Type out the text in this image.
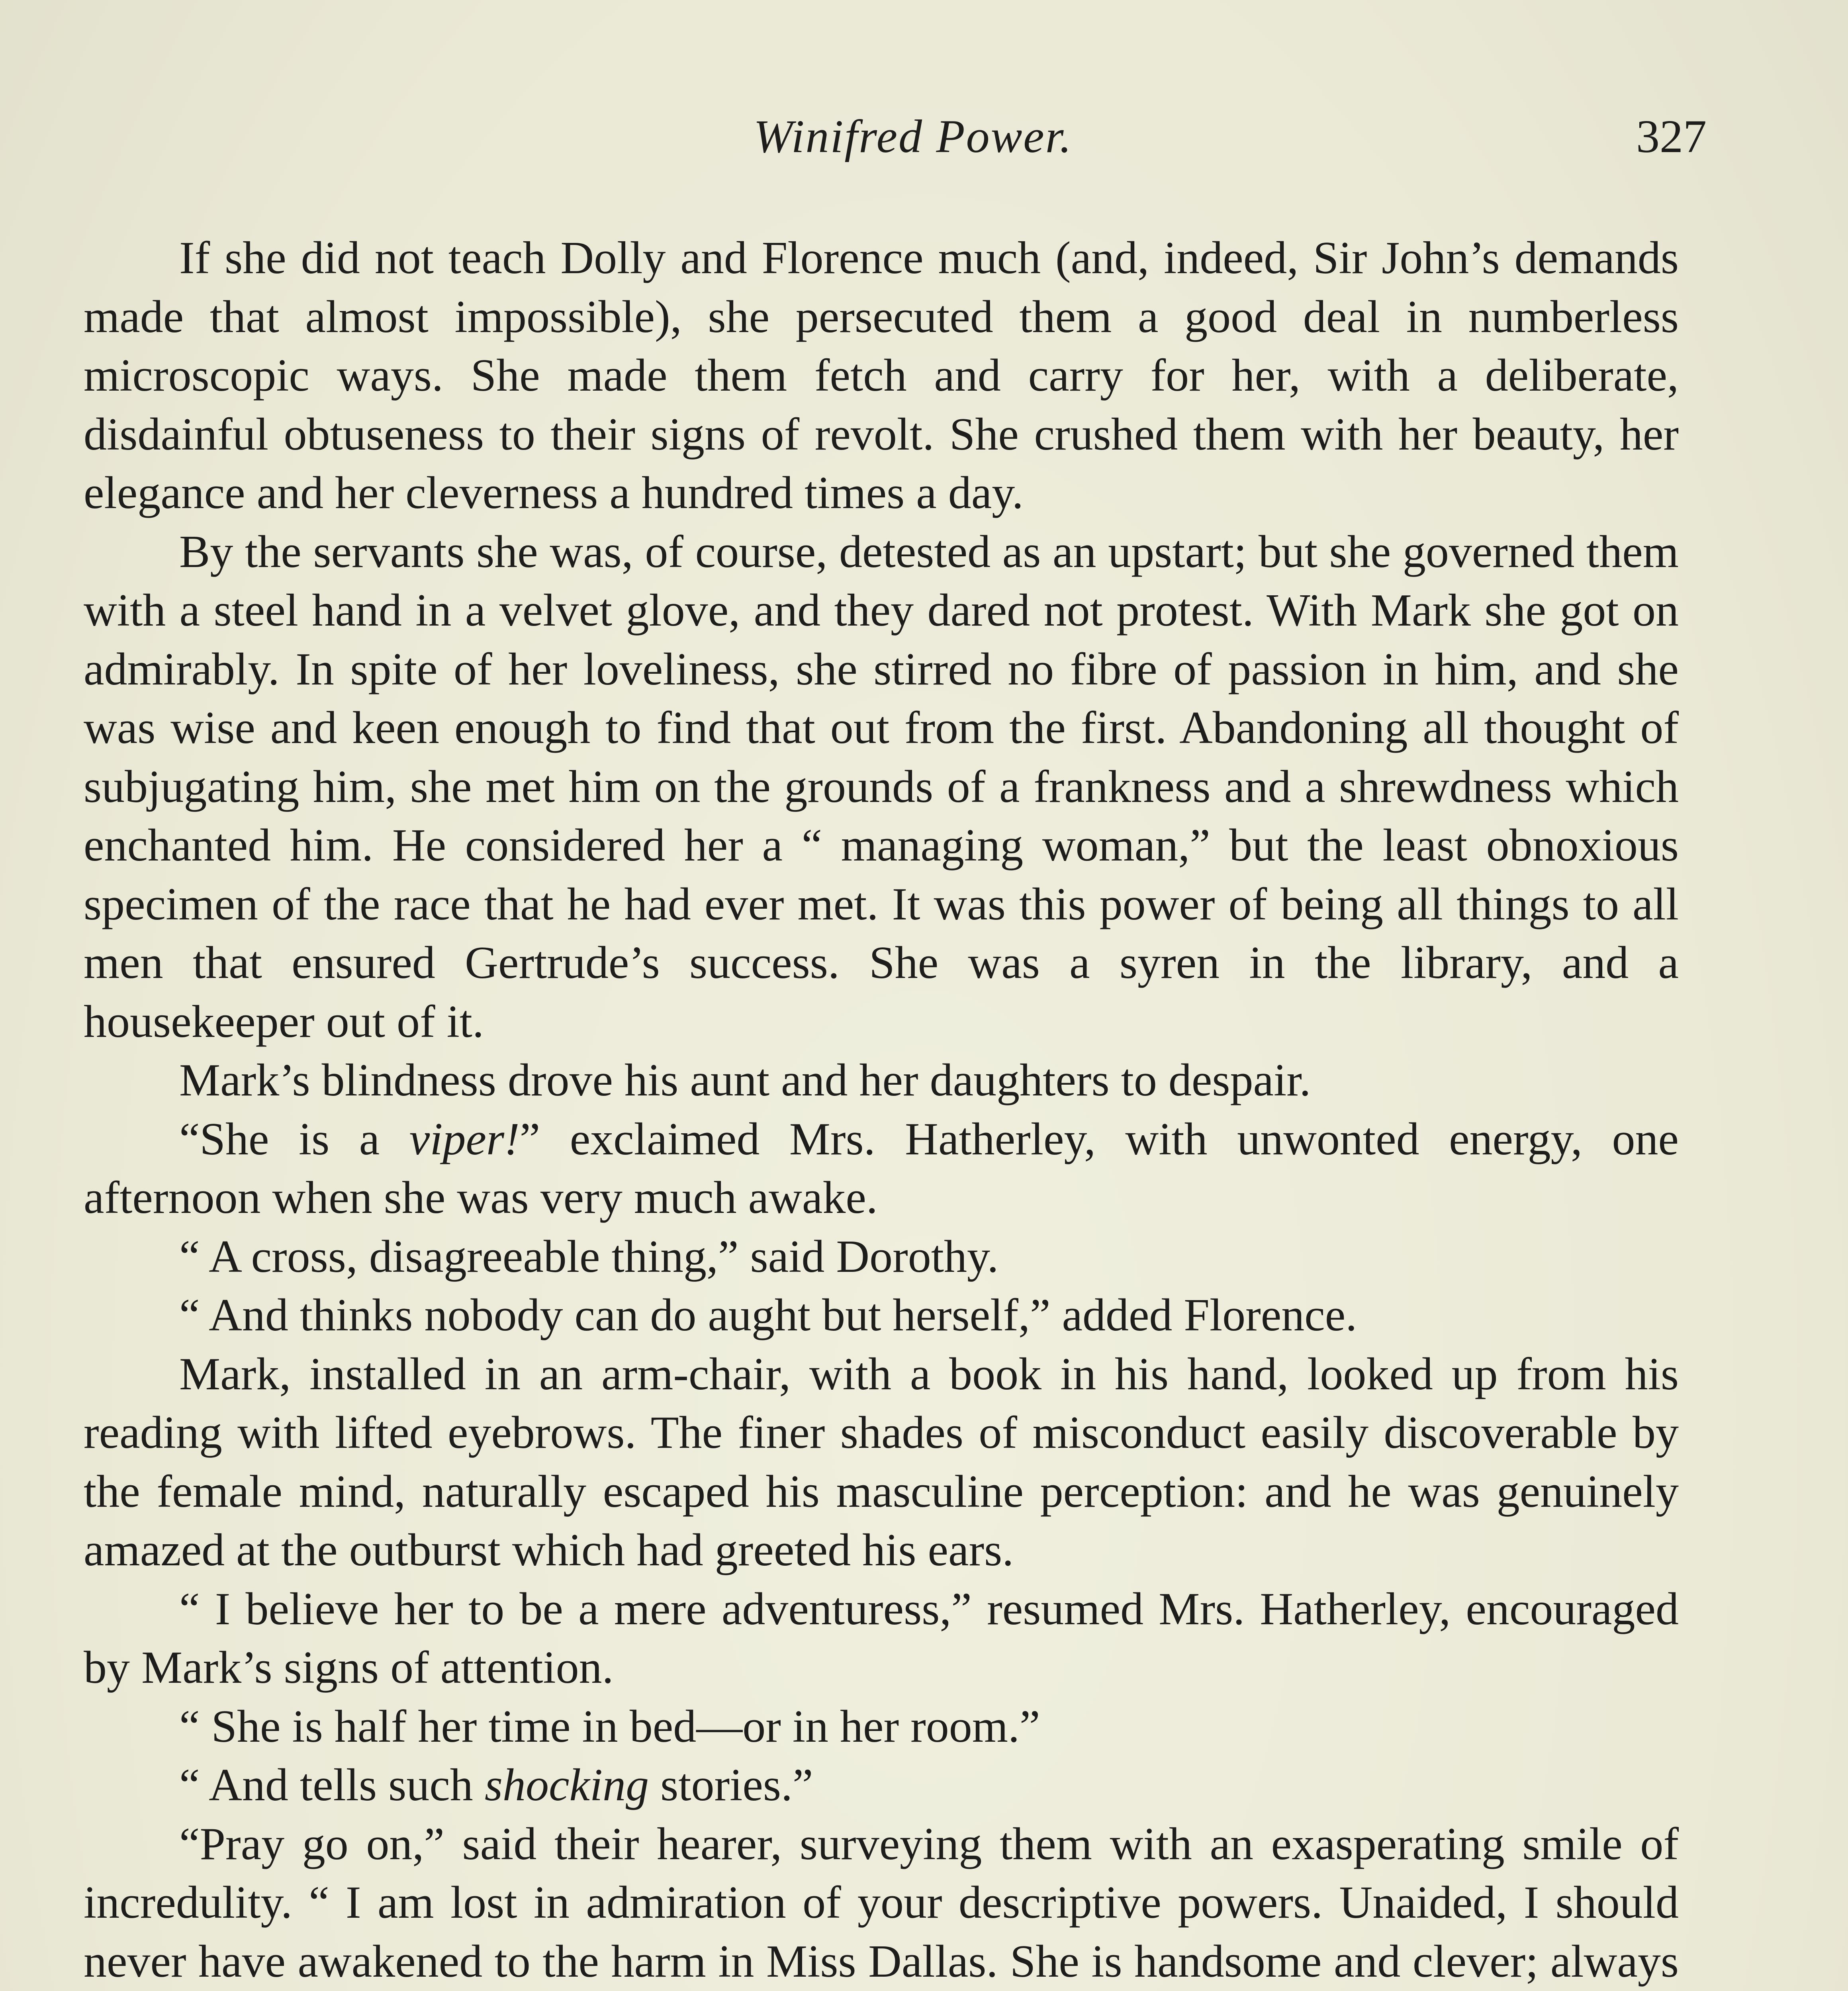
Winifred Power.	327

If she did not teach Dolly and Florence much (and, indeed, Sir John’s demands made that almost impossible), she persecuted them a good deal in numberless microscopic ways. She made them fetch and carry for her, with a deliberate, disdainful obtuseness to their signs of revolt. She crushed them with her beauty, her elegance and her cleverness a hundred times a day.

By the servants she was, of course, detested as an upstart; but she governed them with a steel hand in a velvet glove, and they dared not protest. With Mark she got on admirably. In spite of her loveliness, she stirred no fibre of passion in him, and she was wise and keen enough to find that out from the first. Abandoning all thought of subjugating him, she met him on the grounds of a frankness and a shrewdness which enchanted him. He considered her a “ managing woman,” but the least obnoxious specimen of the race that he had ever met. It was this power of being all things to all men that ensured Gertrude’s success. She was a syren in the library, and a housekeeper out of it.

Mark’s blindness drove his aunt and her daughters to despair.

“She is a viper!” exclaimed Mrs. Hatherley, with unwonted energy, one afternoon when she was very much awake.

“ A cross, disagreeable thing,” said Dorothy.

“ And thinks nobody can do aught but herself,” added Florence.

Mark, installed in an arm-chair, with a book in his hand, looked up from his reading with lifted eyebrows. The finer shades of misconduct easily discoverable by the female mind, naturally escaped his masculine perception: and he was genuinely amazed at the outburst which had greeted his ears.

“ I believe her to be a mere adventuress,” resumed Mrs. Hatherley, encouraged by Mark’s signs of attention.

“ She is half her time in bed—or in her room.”

“ And tells such shocking stories.”

“Pray go on,” said their hearer, surveying them with an exasperating smile of incredulity. “ I am lost in admiration of your descriptive powers. Unaided, I should never have awakened to the harm in Miss Dallas. She is handsome and clever; always
